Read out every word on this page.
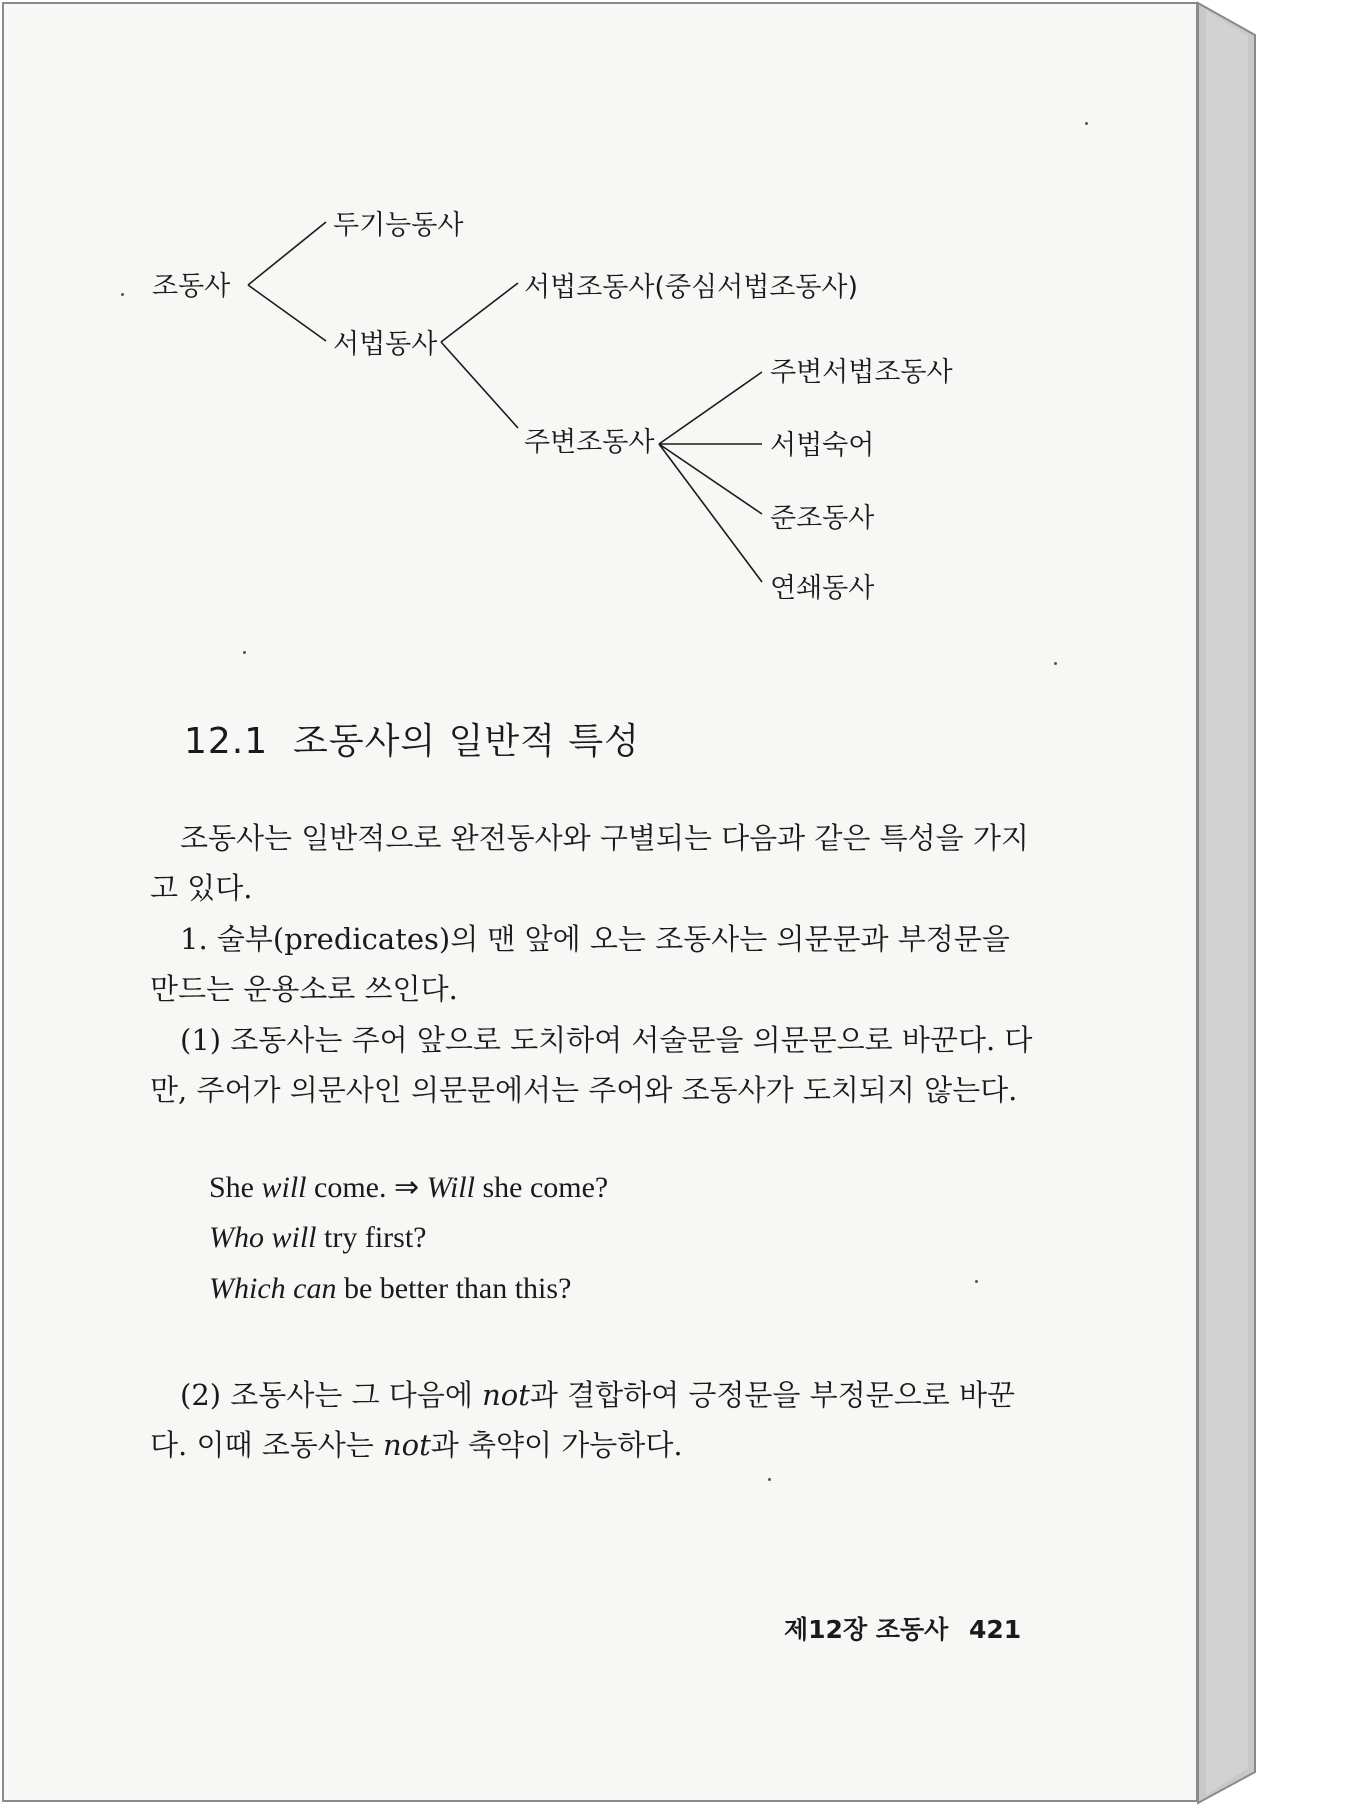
조동사
두기능동사
서법동사
서법조동사(중심서법조동사)
주변조동사
주변서법조동사
서법숙어
준조동사
연쇄동사
12.1 조동사의 일반적 특성

조동사는 일반적으로 완전동사와 구별되는 다음과 같은 특성을 가지고 있다.

1. 술부(predicates)의 맨 앞에 오는 조동사는 의문문과 부정문을 만드는 운용소로 쓰인다.

(1) 조동사는 주어 앞으로 도치하여 서술문을 의문문으로 바꾼다. 다만, 주어가 의문사인 의문문에서는 주어와 조동사가 도치되지 않는다.

She will come. ⇒ Will she come?

Who will try first?

Which can be better than this?

(2) 조동사는 그 다음에 not과 결합하여 긍정문을 부정문으로 바꾼다. 이때 조동사는 not과 축약이 가능하다.

제12장 조동사 421
